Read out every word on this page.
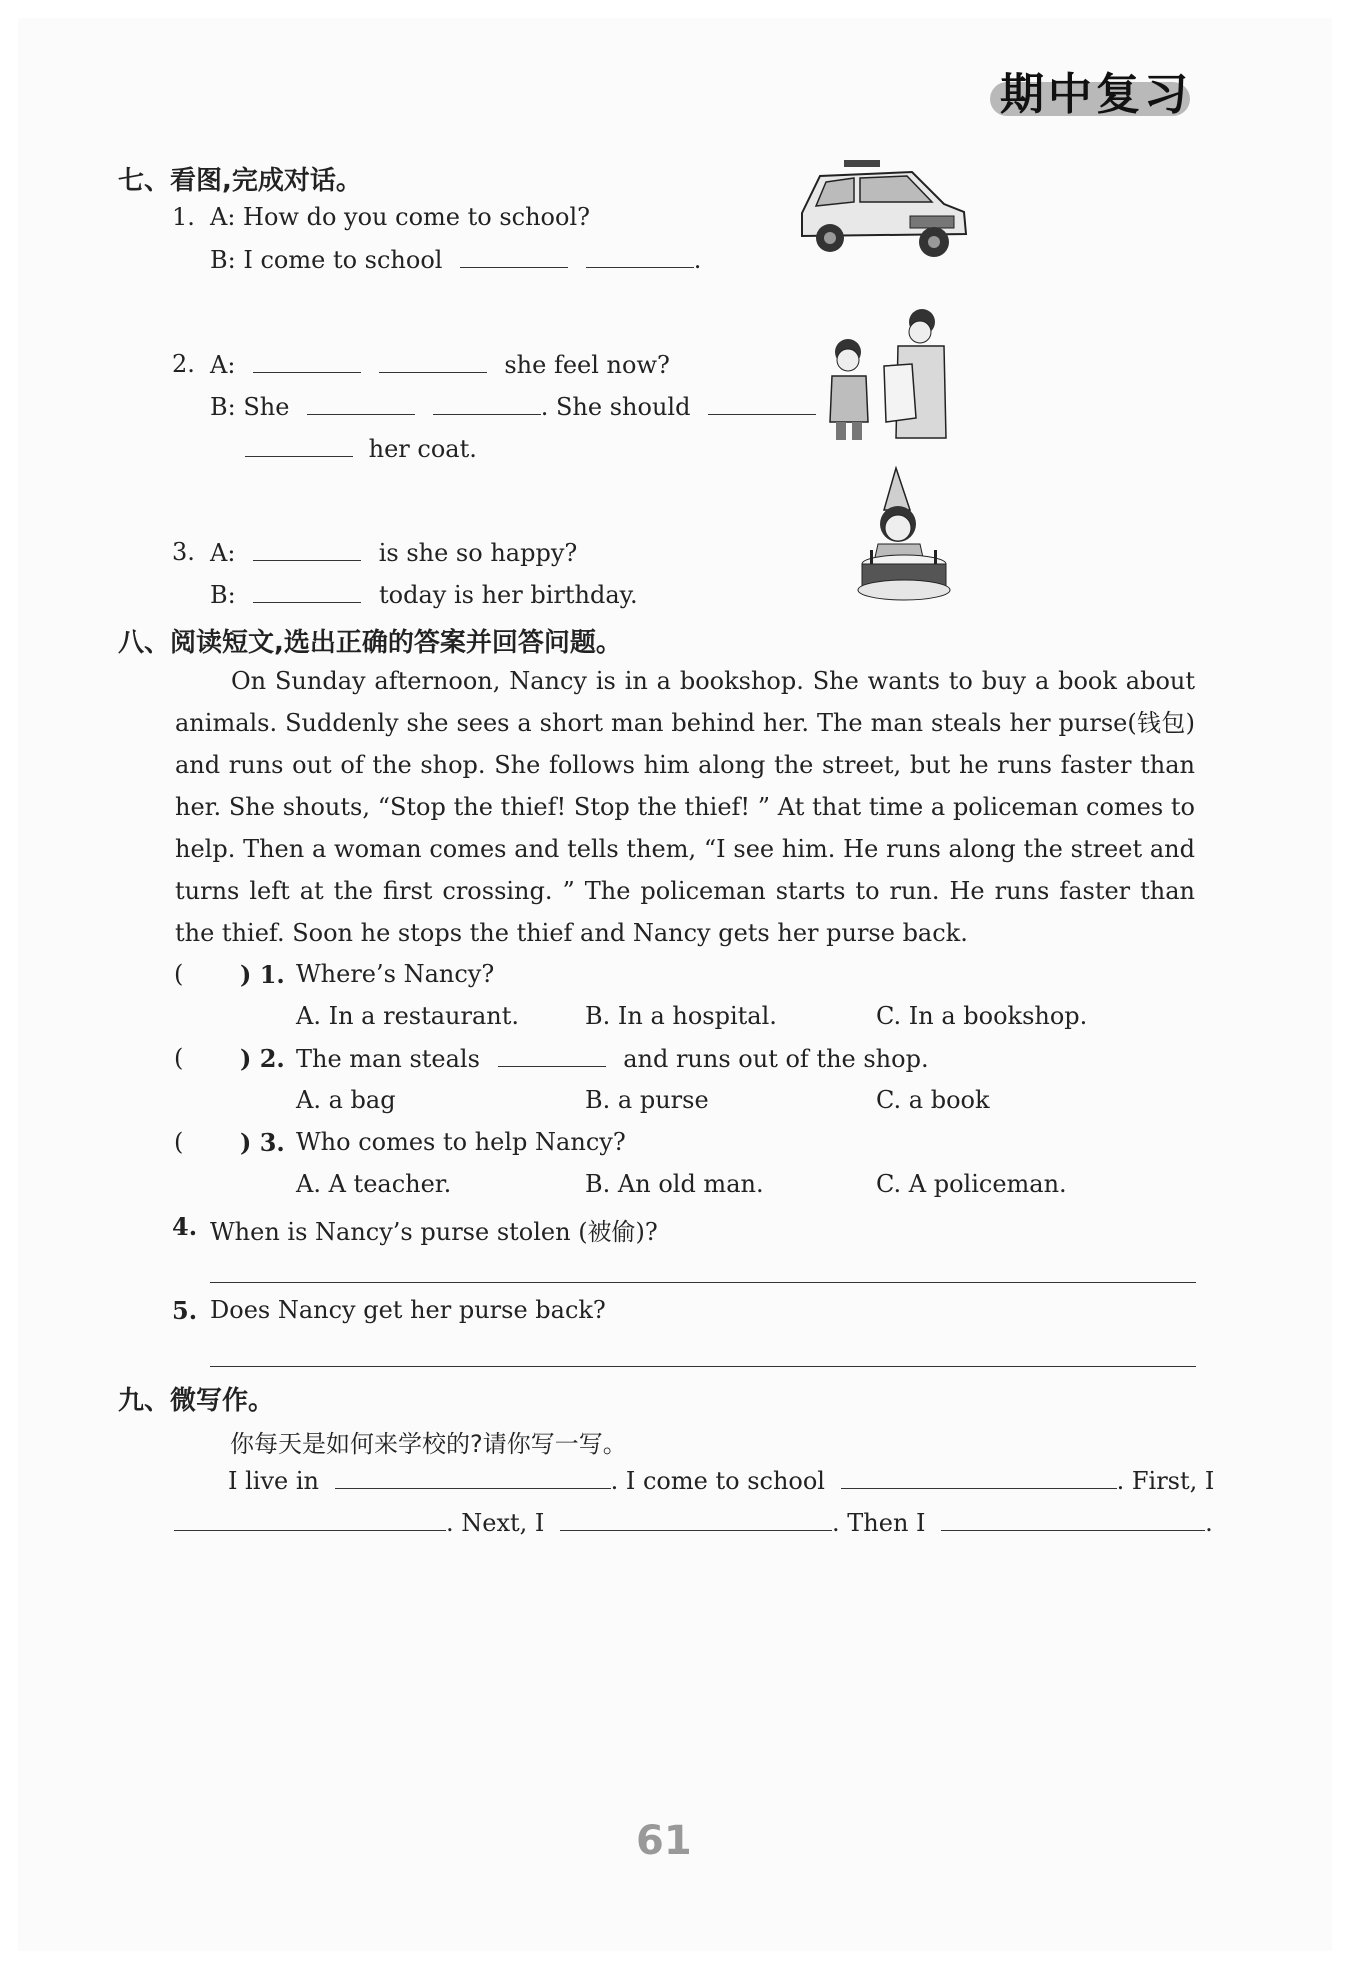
期中复习
七、看图,完成对话。
1. A: How do you come to school?
B: I come to school	.
2. A:	she feel now?
B: She	. She should
her coat.
3. A:	is she so happy?
B:	today is her birthday.
八、阅读短文,选出正确的答案并回答问题。
On Sunday afternoon, Nancy is in a bookshop. She wants to buy a book about animals. Suddenly she sees a short man behind her. The man steals her purse(钱包) and runs out of the shop. She follows him along the street, but he runs faster than her. She shouts, “Stop the thief! Stop the thief! ” At that time a policeman comes to help. Then a woman comes and tells them, “I see him. He runs along the street and turns left at the first crossing. ” The policeman starts to run. He runs faster than the thief. Soon he stops the thief and Nancy gets her purse back.
( ) 1. Where’s Nancy?
A. In a restaurant.	B. In a hospital.	C. In a bookshop.
( ) 2. The man steals	and runs out of the shop.
A. a bag	B. a purse	C. a book
( ) 3. Who comes to help Nancy?
A. A teacher.	B. An old man.	C. A policeman.
4. When is Nancy’s purse stolen (被偷)?
5. Does Nancy get her purse back?
九、微写作。
你每天是如何来学校的?请你写一写。
I live in	. I come to school	. First, I
. Next, I	. Then I	.
61
